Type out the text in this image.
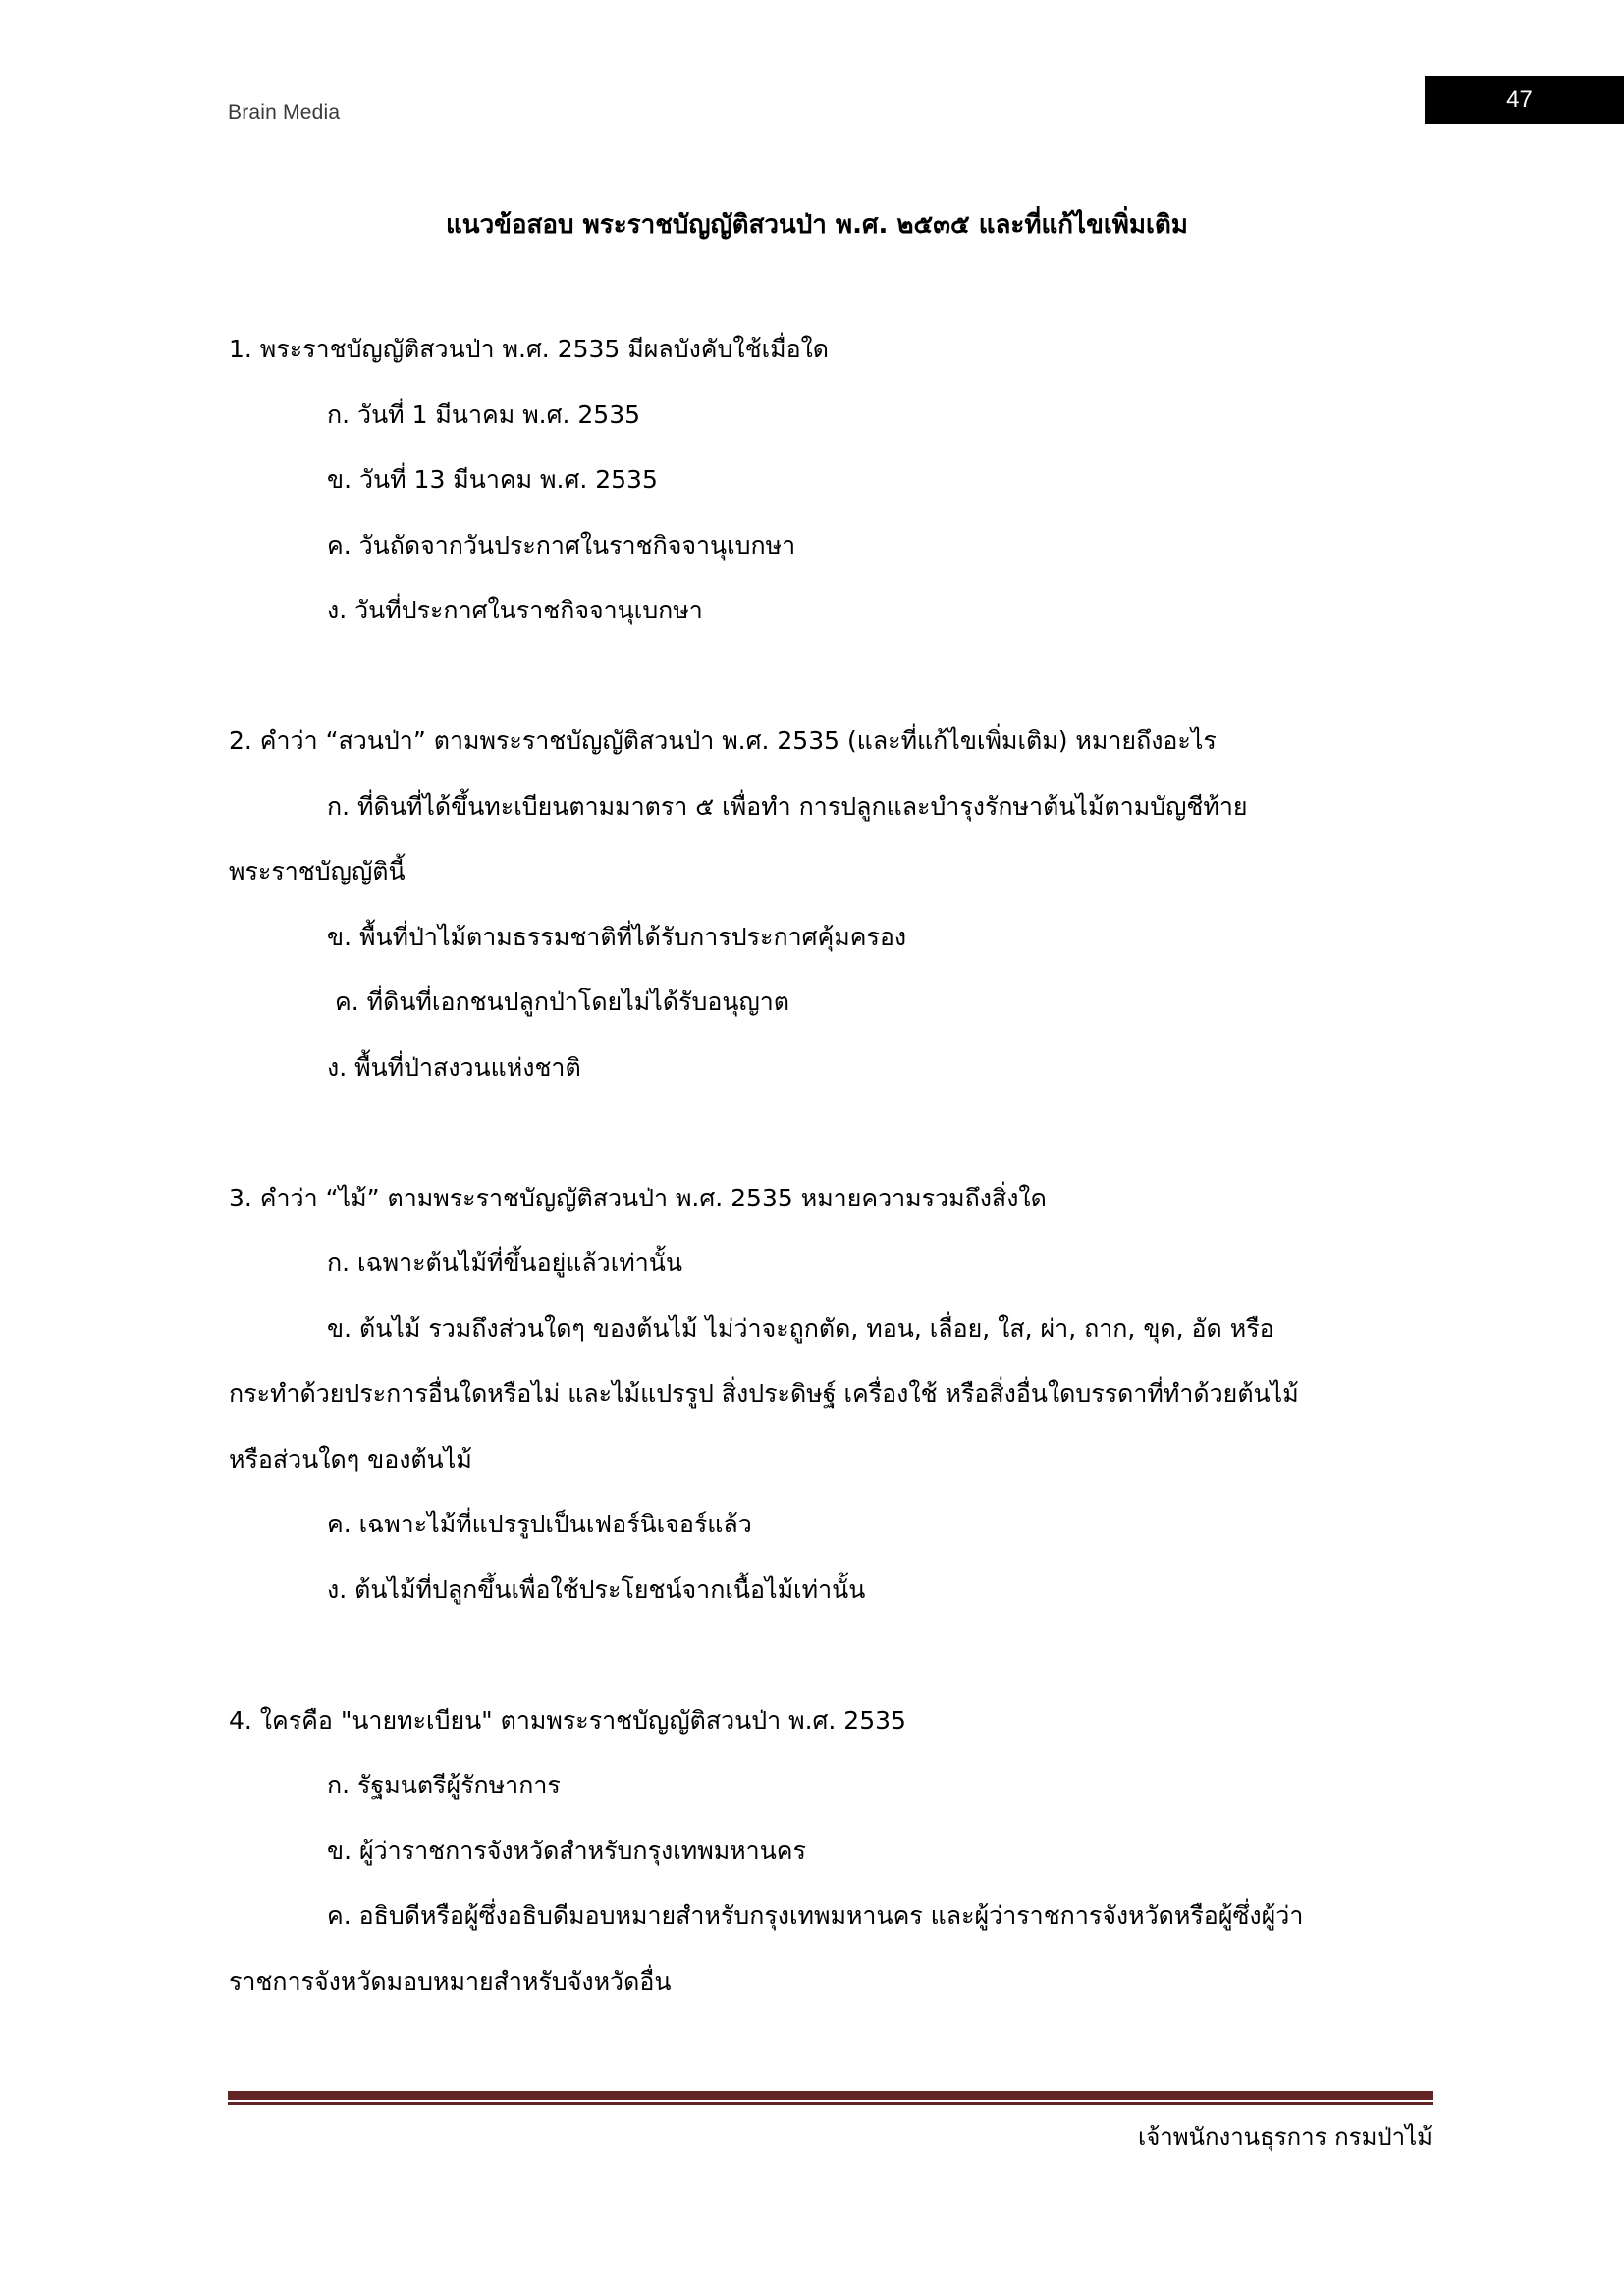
Brain Media	47
แนวข้อสอบ พระราชบัญญัติสวนป่า พ.ศ. ๒๕๓๕ และที่แก้ไขเพิ่มเติม
1. พระราชบัญญัติสวนป่า พ.ศ. 2535 มีผลบังคับใช้เมื่อใด
ก. วันที่ 1 มีนาคม พ.ศ. 2535
ข. วันที่ 13 มีนาคม พ.ศ. 2535
ค. วันถัดจากวันประกาศในราชกิจจานุเบกษา
ง. วันที่ประกาศในราชกิจจานุเบกษา
2. คำว่า “สวนป่า” ตามพระราชบัญญัติสวนป่า พ.ศ. 2535 (และที่แก้ไขเพิ่มเติม) หมายถึงอะไร
ก. ที่ดินที่ได้ขึ้นทะเบียนตามมาตรา ๕ เพื่อทำ การปลูกและบำรุงรักษาต้นไม้ตามบัญชีท้าย
พระราชบัญญัตินี้
ข. พื้นที่ป่าไม้ตามธรรมชาติที่ได้รับการประกาศคุ้มครอง
ค. ที่ดินที่เอกชนปลูกป่าโดยไม่ได้รับอนุญาต
ง. พื้นที่ป่าสงวนแห่งชาติ
3. คำว่า “ไม้” ตามพระราชบัญญัติสวนป่า พ.ศ. 2535 หมายความรวมถึงสิ่งใด
ก. เฉพาะต้นไม้ที่ขึ้นอยู่แล้วเท่านั้น
ข. ต้นไม้ รวมถึงส่วนใดๆ ของต้นไม้ ไม่ว่าจะถูกตัด, ทอน, เลื่อย, ใส, ผ่า, ถาก, ขุด, อัด หรือ
กระทำด้วยประการอื่นใดหรือไม่ และไม้แปรรูป สิ่งประดิษฐ์ เครื่องใช้ หรือสิ่งอื่นใดบรรดาที่ทำด้วยต้นไม้
หรือส่วนใดๆ ของต้นไม้
ค. เฉพาะไม้ที่แปรรูปเป็นเฟอร์นิเจอร์แล้ว
ง. ต้นไม้ที่ปลูกขึ้นเพื่อใช้ประโยชน์จากเนื้อไม้เท่านั้น
4. ใครคือ "นายทะเบียน" ตามพระราชบัญญัติสวนป่า พ.ศ. 2535
ก. รัฐมนตรีผู้รักษาการ
ข. ผู้ว่าราชการจังหวัดสำหรับกรุงเทพมหานคร
ค. อธิบดีหรือผู้ซึ่งอธิบดีมอบหมายสำหรับกรุงเทพมหานคร และผู้ว่าราชการจังหวัดหรือผู้ซึ่งผู้ว่า
ราชการจังหวัดมอบหมายสำหรับจังหวัดอื่น
เจ้าพนักงานธุรการ กรมป่าไม้
